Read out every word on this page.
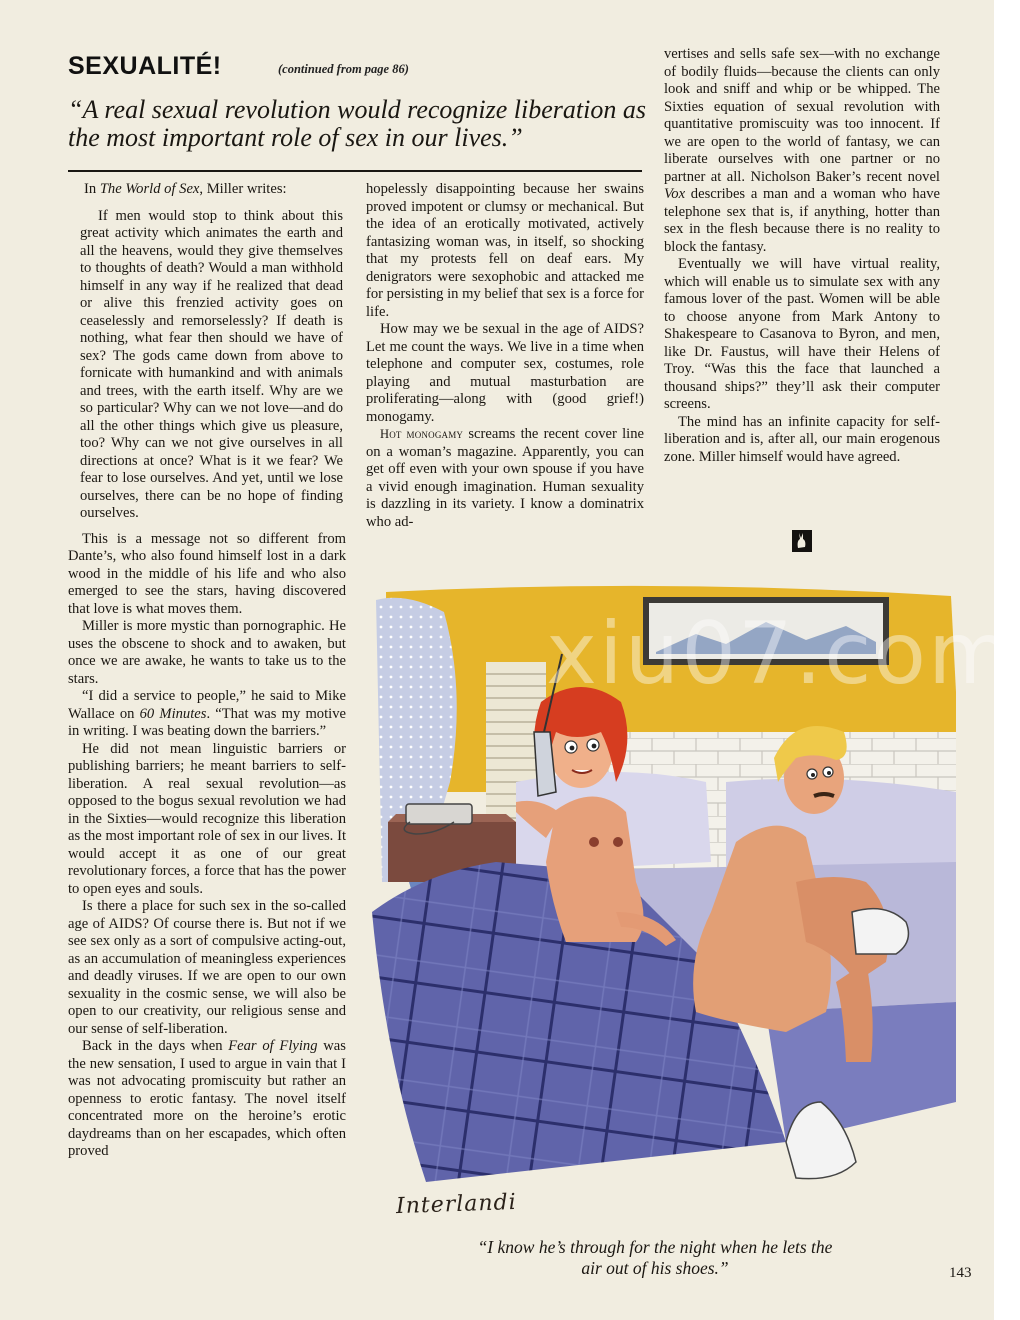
SEXUALITÉ!	(continued from page 86)
“A real sexual revolution would recognize liberation as the most important role of sex in our lives.”

In The World of Sex, Miller writes:

If men would stop to think about this great activity which animates the earth and all the heavens, would they give themselves to thoughts of death? Would a man withhold himself in any way if he realized that dead or alive this frenzied activity goes on ceaselessly and remorselessly? If death is nothing, what fear then should we have of sex? The gods came down from above to fornicate with humankind and with animals and trees, with the earth itself. Why are we so particular? Why can we not love—and do all the other things which give us pleasure, too? Why can we not give ourselves in all directions at once? What is it we fear? We fear to lose ourselves. And yet, until we lose ourselves, there can be no hope of finding ourselves.

This is a message not so different from Dante’s, who also found himself lost in a dark wood in the middle of his life and who also emerged to see the stars, having discovered that love is what moves them.

Miller is more mystic than pornographic. He uses the obscene to shock and to awaken, but once we are awake, he wants to take us to the stars.

“I did a service to people,” he said to Mike Wallace on 60 Minutes. “That was my motive in writing. I was beating down the barriers.”

He did not mean linguistic barriers or publishing barriers; he meant barriers to self-liberation. A real sexual revolution—as opposed to the bogus sexual revolution we had in the Sixties—would recognize this liberation as the most important role of sex in our lives. It would accept it as one of our great revolutionary forces, a force that has the power to open eyes and souls.

Is there a place for such sex in the so-called age of AIDS? Of course there is. But not if we see sex only as a sort of compulsive acting-out, as an accumulation of meaningless experiences and deadly viruses. If we are open to our own sexuality in the cosmic sense, we will also be open to our creativity, our religious sense and our sense of self-liberation.

Back in the days when Fear of Flying was the new sensation, I used to argue in vain that I was not advocating promiscuity but rather an openness to erotic fantasy. The novel itself concentrated more on the heroine’s erotic daydreams than on her escapades, which often proved

hopelessly disappointing because her swains proved impotent or clumsy or mechanical. But the idea of an erotically motivated, actively fantasizing woman was, in itself, so shocking that my protests fell on deaf ears. My denigrators were sexophobic and attacked me for persisting in my belief that sex is a force for life.

How may we be sexual in the age of AIDS? Let me count the ways. We live in a time when telephone and computer sex, costumes, role playing and mutual masturbation are proliferating—along with (good grief!) monogamy.

Hot monogamy screams the recent cover line on a woman’s magazine. Apparently, you can get off even with your own spouse if you have a vivid enough imagination. Human sexuality is dazzling in its variety. I know a dominatrix who ad-

vertises and sells safe sex—with no exchange of bodily fluids—because the clients can only look and sniff and whip or be whipped. The Sixties equation of sexual revolution with quantitative promiscuity was too innocent. If we are open to the world of fantasy, we can liberate ourselves with one partner or no partner at all. Nicholson Baker’s recent novel Vox describes a man and a woman who have telephone sex that is, if anything, hotter than sex in the flesh because there is no reality to block the fantasy.

Eventually we will have virtual reality, which will enable us to simulate sex with any famous lover of the past. Women will be able to choose anyone from Mark Antony to Shakespeare to Casanova to Byron, and men, like Dr. Faustus, will have their Helens of Troy. “Was this the face that launched a thousand ships?” they’ll ask their computer screens.

The mind has an infinite capacity for self-liberation and is, after all, our main erogenous zone. Miller himself would have agreed.

xiu07.com
Interlandi
“I know he’s through for the night when he lets the air out of his shoes.”	143
